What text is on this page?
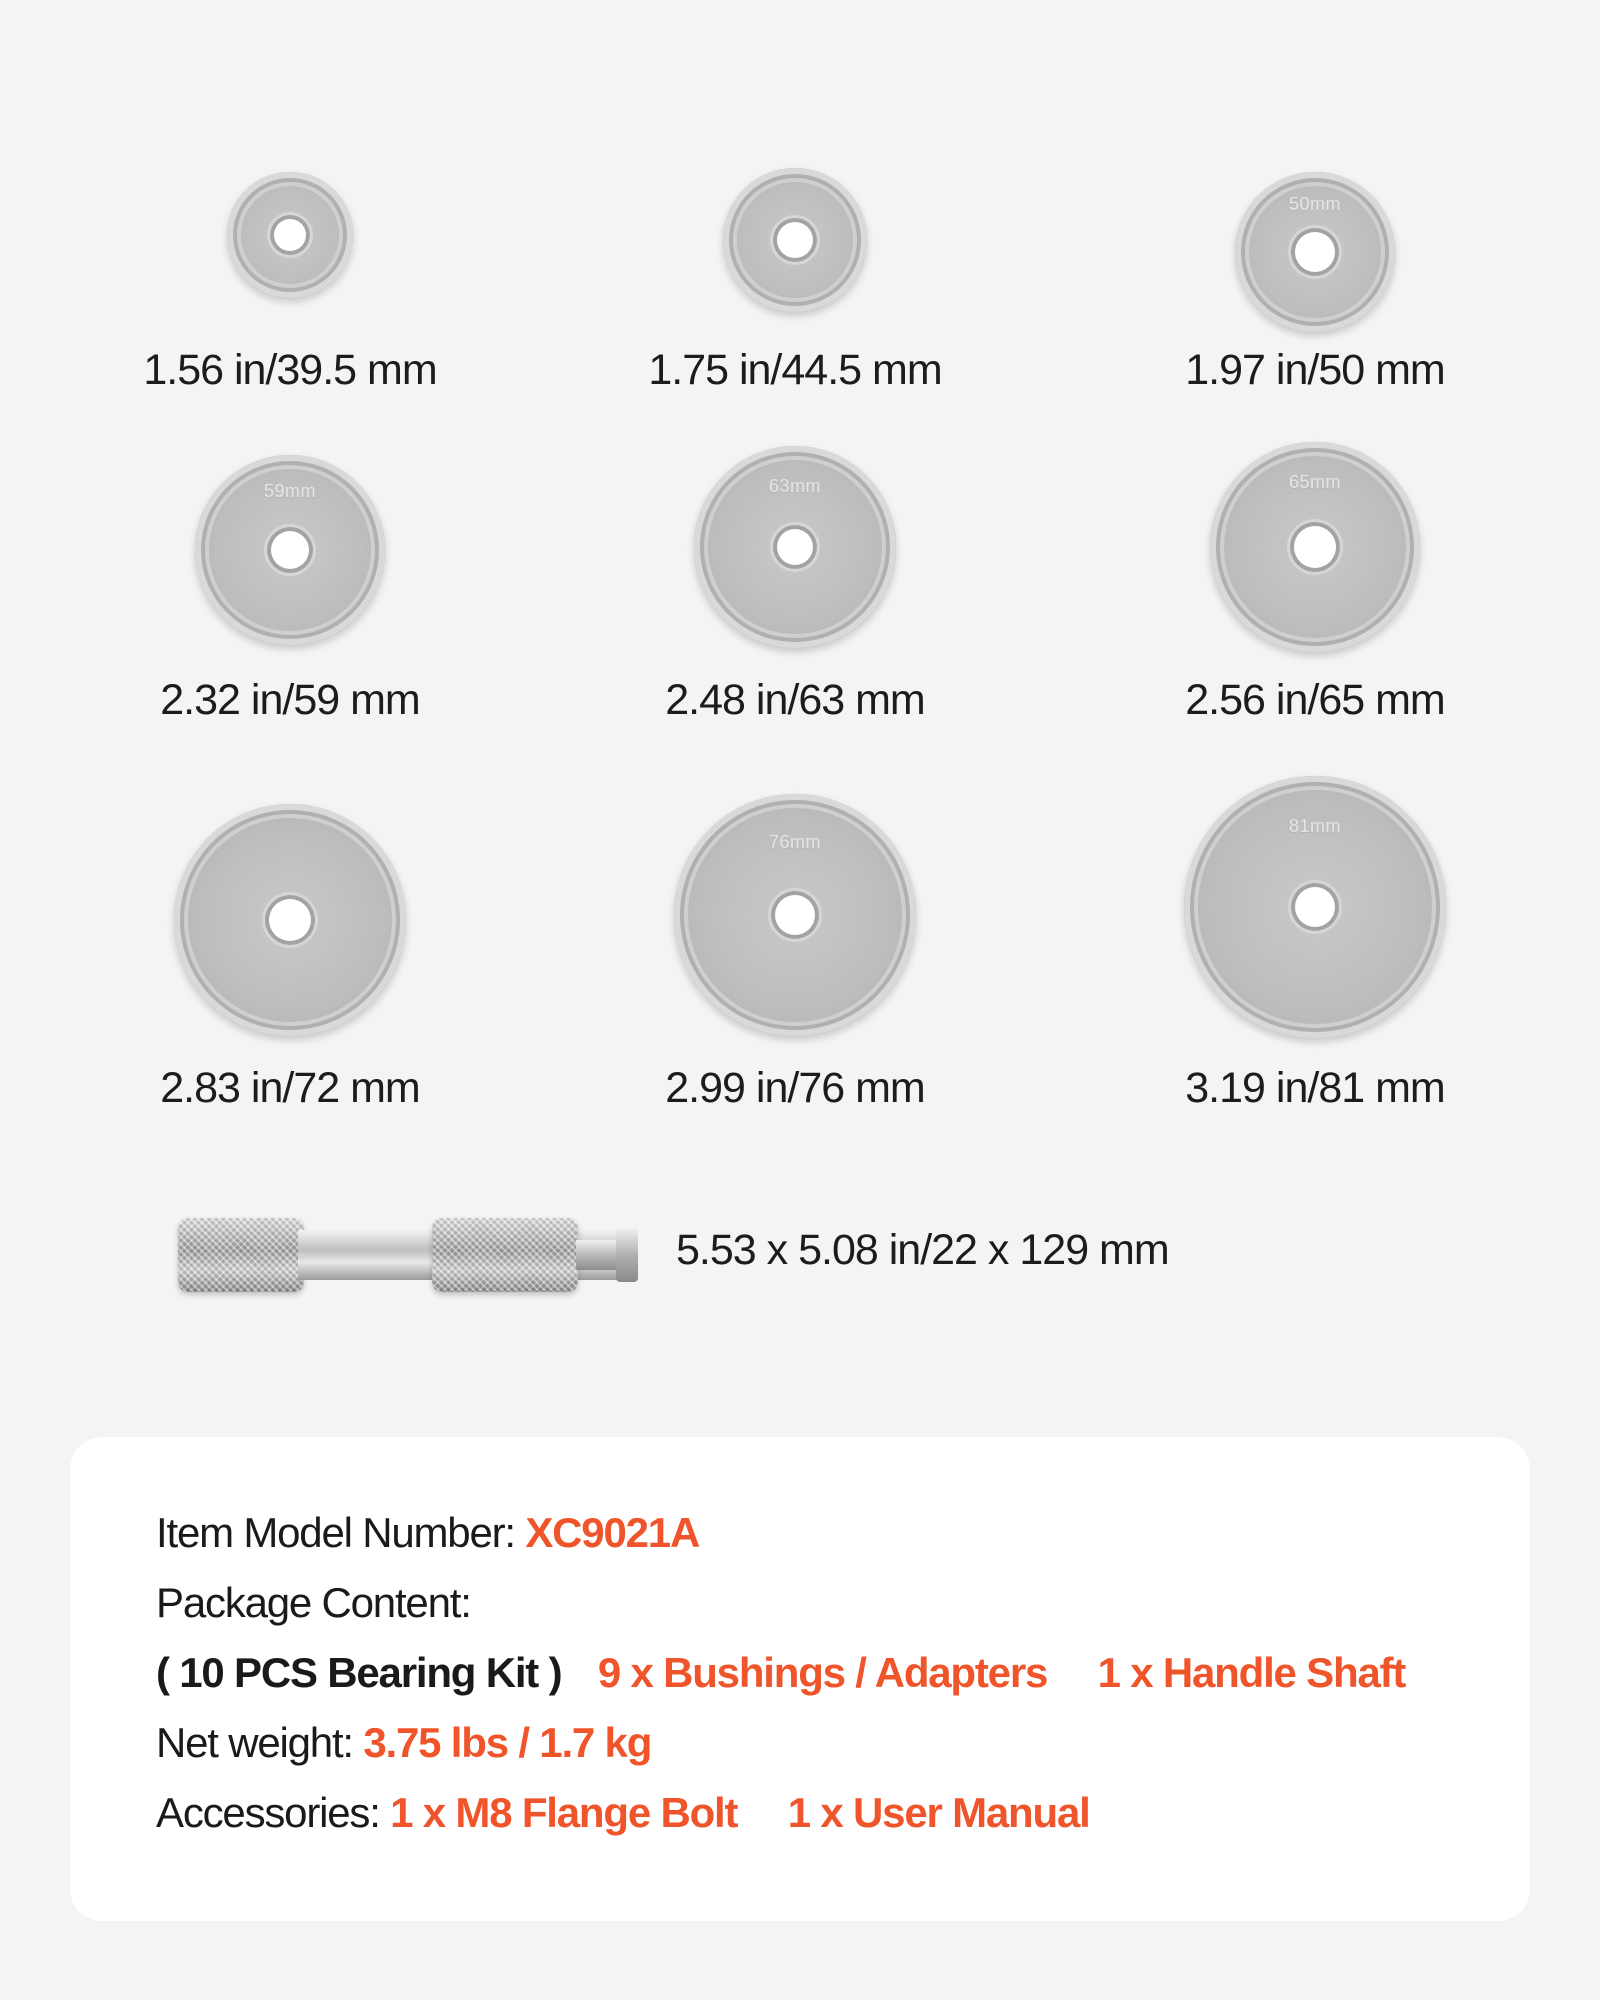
1.56 in/39.5 mm	1.75 in/44.5 mm
50mm
1.97 in/50 mm
59mm
2.32 in/59 mm
63mm
2.48 in/63 mm
65mm
2.56 in/65 mm
2.83 in/72 mm
76mm
2.99 in/76 mm
81mm
3.19 in/81 mm
5.53 x 5.08 in/22 x 129 mm
Item Model Number: XC9021A
Package Content:
( 10 PCS Bearing Kit ) 9 x Bushings / Adapters 1 x Handle Shaft
Net weight: 3.75 lbs / 1.7 kg
Accessories: 1 x M8 Flange Bolt 1 x User Manual
